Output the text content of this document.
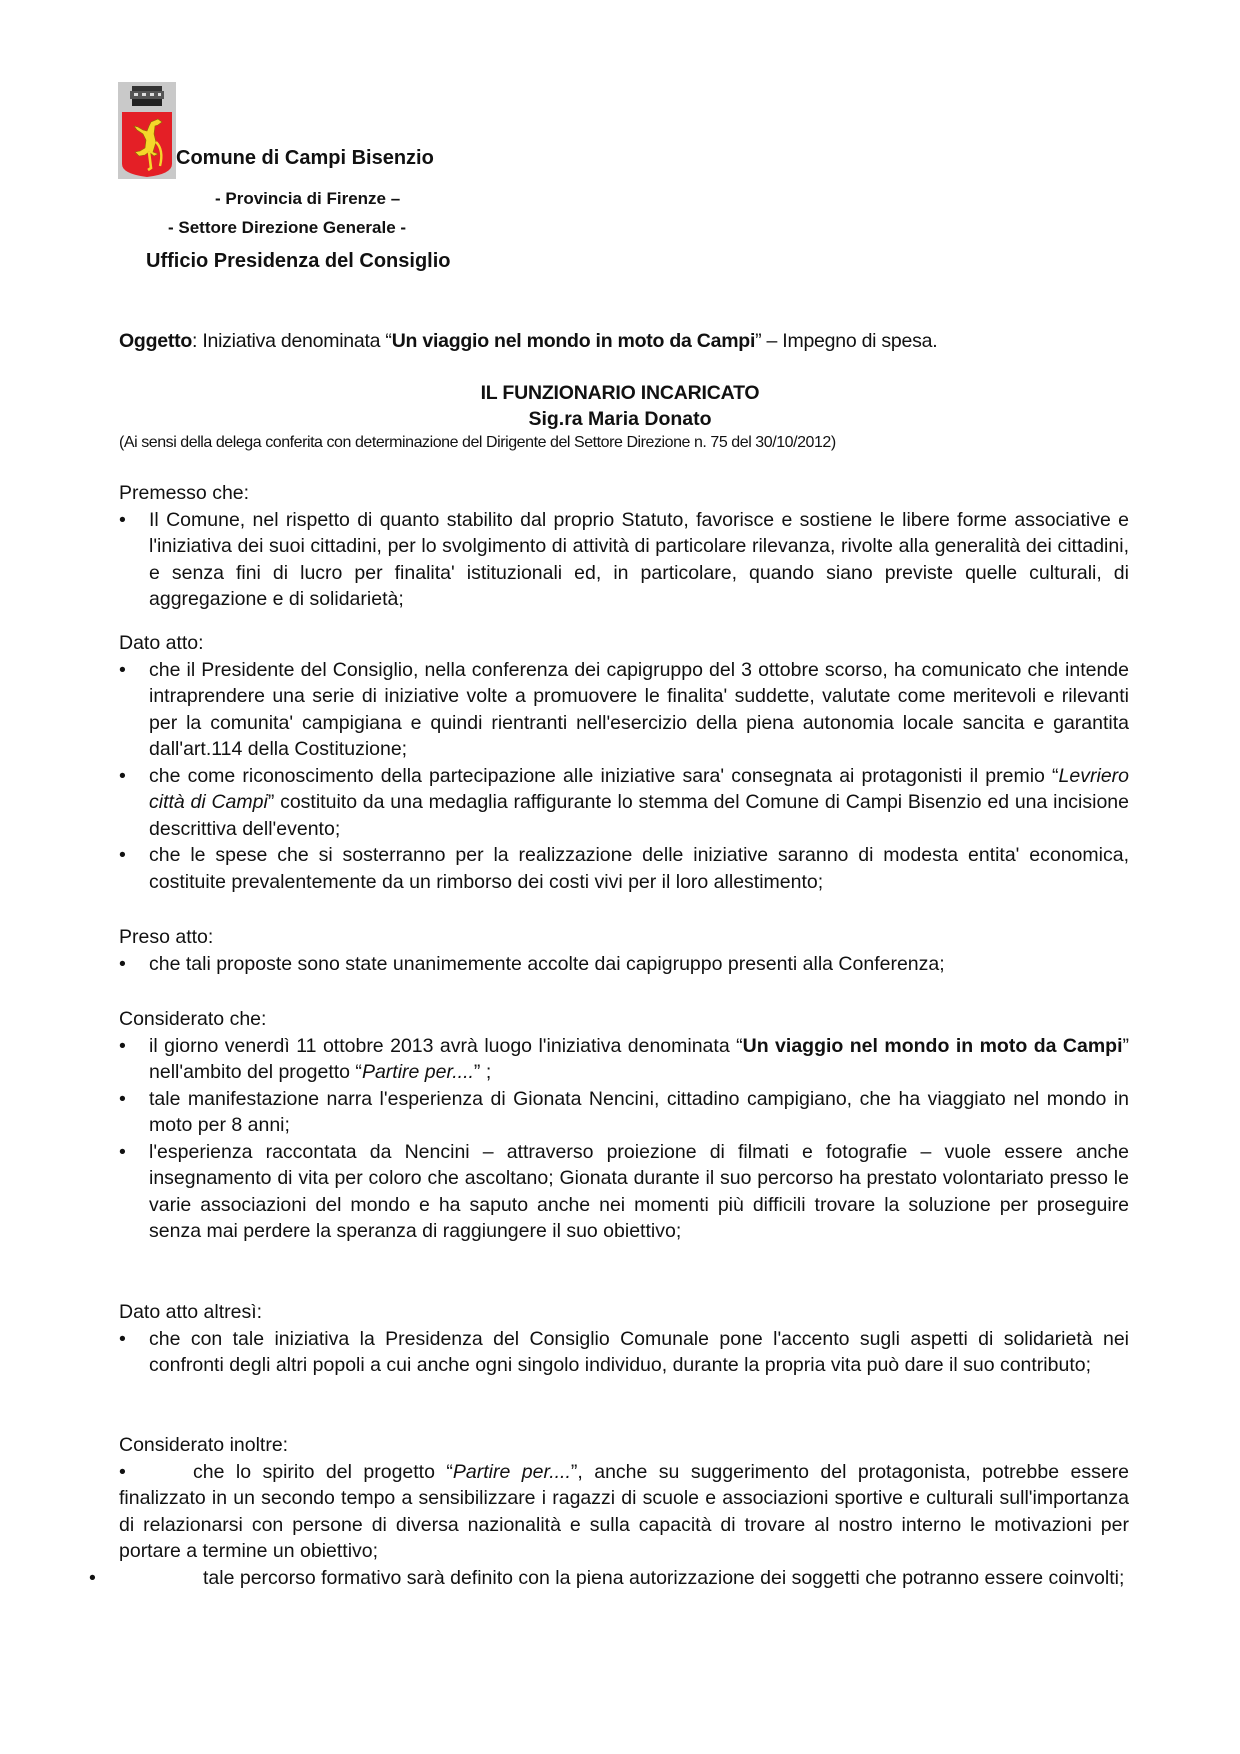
Comune di Campi Bisenzio
- Provincia di Firenze –
- Settore Direzione Generale -
Ufficio Presidenza del Consiglio
Oggetto: Iniziativa denominata “Un viaggio nel mondo in moto da Campi” – Impegno di spesa.
IL FUNZIONARIO INCARICATO
Sig.ra Maria Donato
(Ai sensi della delega conferita con determinazione del Dirigente del Settore Direzione n. 75 del 30/10/2012)
Premesso che:
• Il Comune, nel rispetto di quanto stabilito dal proprio Statuto, favorisce e sostiene le libere forme associative e l'iniziativa dei suoi cittadini, per lo svolgimento di attività di particolare rilevanza, rivolte alla generalità dei cittadini, e senza fini di lucro per finalita' istituzionali ed, in particolare, quando siano previste quelle culturali, di aggregazione e di solidarietà;
Dato atto:
• che il Presidente del Consiglio, nella conferenza dei capigruppo del 3 ottobre scorso, ha comunicato che intende intraprendere una serie di iniziative volte a promuovere le finalita' suddette, valutate come meritevoli e rilevanti per la comunita' campigiana e quindi rientranti nell'esercizio della piena autonomia locale sancita e garantita dall'art.114 della Costituzione;
• che come riconoscimento della partecipazione alle iniziative sara' consegnata ai protagonisti il premio “Levriero città di Campi” costituito da una medaglia raffigurante lo stemma del Comune di Campi Bisenzio ed una incisione descrittiva dell'evento;
• che le spese che si sosterranno per la realizzazione delle iniziative saranno di modesta entita' economica, costituite prevalentemente da un rimborso dei costi vivi per il loro allestimento;
Preso atto:
• che tali proposte sono state unanimemente accolte dai capigruppo presenti alla Conferenza;
Considerato che:
• il giorno venerdì 11 ottobre 2013 avrà luogo l'iniziativa denominata “Un viaggio nel mondo in moto da Campi” nell'ambito del progetto “Partire per....” ;
• tale manifestazione narra l'esperienza di Gionata Nencini, cittadino campigiano, che ha viaggiato nel mondo in moto per 8 anni;
• l'esperienza raccontata da Nencini – attraverso proiezione di filmati e fotografie – vuole essere anche insegnamento di vita per coloro che ascoltano; Gionata durante il suo percorso ha prestato volontariato presso le varie associazioni del mondo e ha saputo anche nei momenti più difficili trovare la soluzione per proseguire senza mai perdere la speranza di raggiungere il suo obiettivo;
Dato atto altresì:
• che con tale iniziativa la Presidenza del Consiglio Comunale pone l'accento sugli aspetti di solidarietà nei confronti degli altri popoli a cui anche ogni singolo individuo, durante la propria vita può dare il suo contributo;
Considerato inoltre:
•	che lo spirito del progetto “Partire per....”, anche su suggerimento del protagonista, potrebbe essere finalizzato in un secondo tempo a sensibilizzare i ragazzi di scuole e associazioni sportive e culturali sull'importanza di relazionarsi con persone di diversa nazionalità e sulla capacità di trovare al nostro interno le motivazioni per portare a termine un obiettivo;
•	tale percorso formativo sarà definito con la piena autorizzazione dei soggetti che potranno essere coinvolti;
